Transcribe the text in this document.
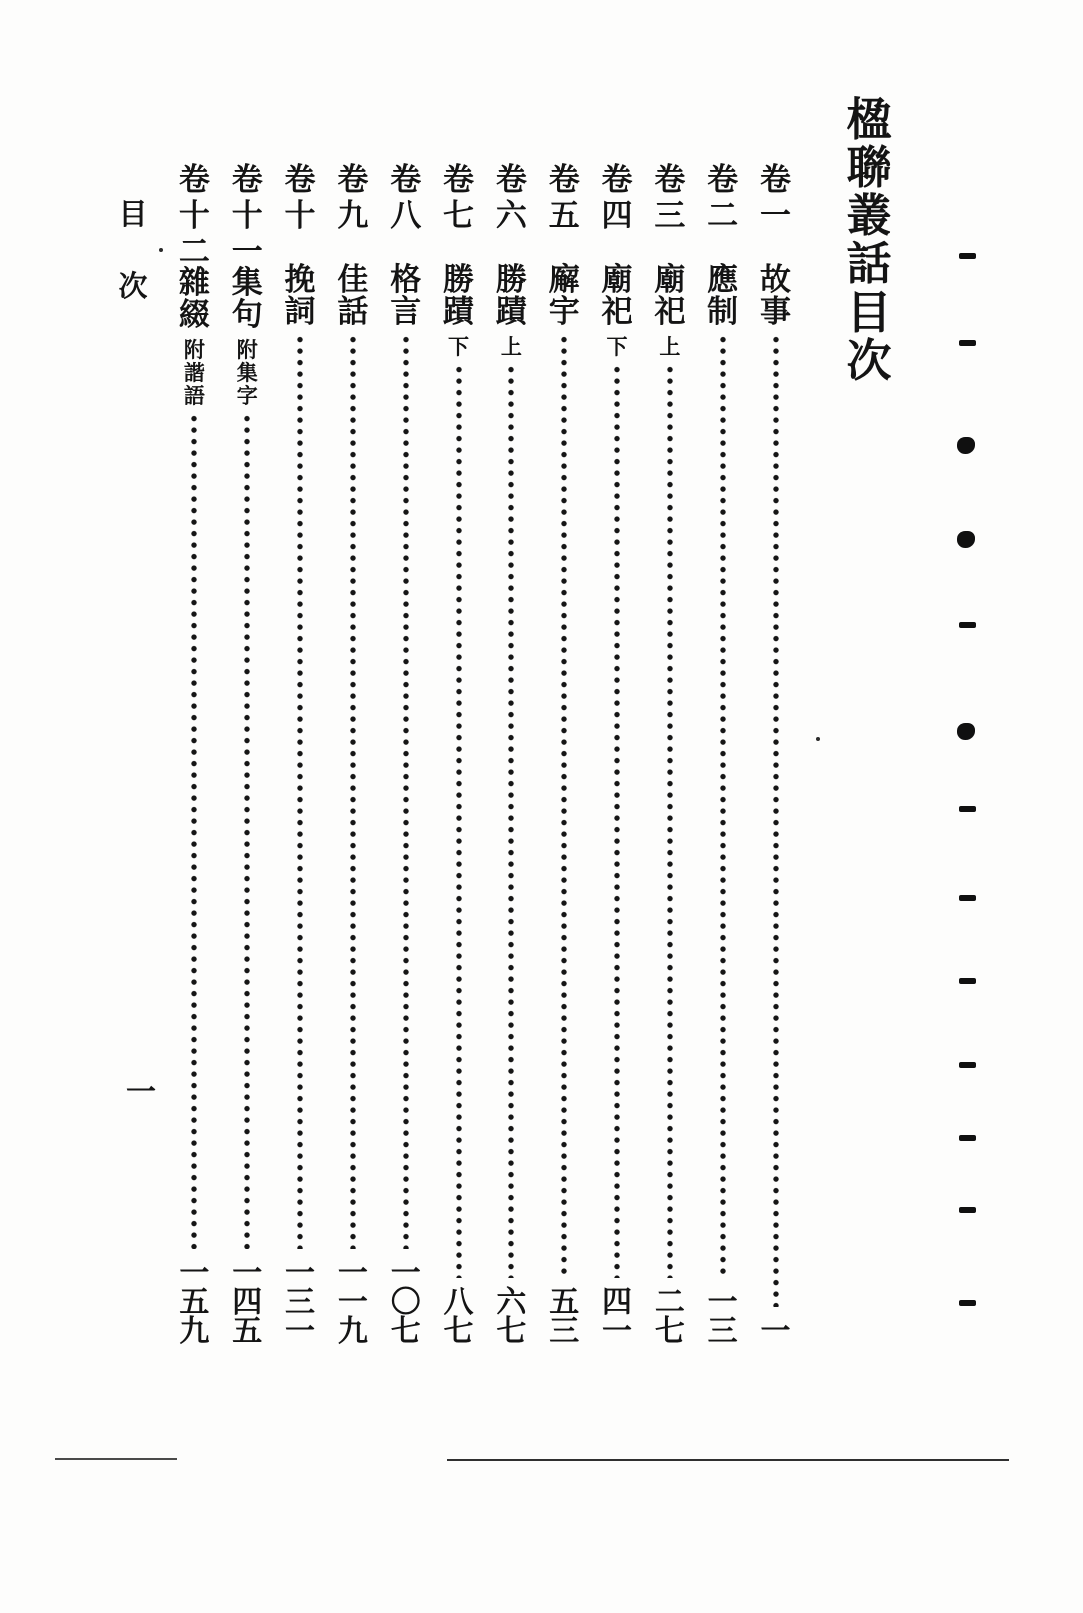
楹
聯
叢
話
目
次
卷
一
故
事
一
卷
二
應
制
一
三
卷
三
廟
祀
上
二
七
卷
四
廟
祀
下
四
一
卷
五
廨
宇
五
三
卷
六
勝
蹟
上
六
七
卷
七
勝
蹟
下
八
七
卷
八
格
言
一
〇
七
卷
九
佳
話
一
一
九
卷
十
挽
詞
一
三
一
卷
十
一
集
句
附
集
字
一
四
五
卷
十
二
雜
綴
附
諧
語
一
五
九
目
次
一
